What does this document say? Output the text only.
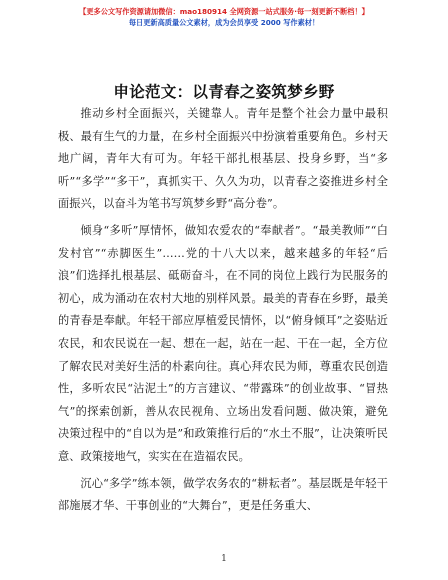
【更多公文写作资源请加微信：mao180914 全网资源一站式服务·每一刻更新不断档！】
每日更新高质量公文素材，成为会员享受 2000 写作素材！
申论范文：以青春之姿筑梦乡野

推动乡村全面振兴，关键靠人。青年是整个社会力量中最积极、最有生气的力量，在乡村全面振兴中扮演着重要角色。乡村天地广阔，青年大有可为。年轻干部扎根基层、投身乡野，当“多听”“多学”“多干”，真抓实干、久久为功，以青春之姿推进乡村全面振兴，以奋斗为笔书写筑梦乡野“高分卷”。

倾身“多听”厚情怀，做知农爱农的“奉献者”。“最美教师”“白发村官”“赤脚医生”……党的十八大以来，越来越多的年轻“后浪”们选择扎根基层、砥砺奋斗，在不同的岗位上践行为民服务的初心，成为涌动在农村大地的别样风景。最美的青春在乡野，最美的青春是奉献。年轻干部应厚植爱民情怀，以“俯身倾耳”之姿贴近农民，和农民说在一起、想在一起，站在一起、干在一起，全方位了解农民对美好生活的朴素向往。真心拜农民为师，尊重农民创造性，多听农民“沾泥土”的方言建议、“带露珠”的创业故事、“冒热气”的探索创新，善从农民视角、立场出发看问题、做决策，避免决策过程中的“自以为是”和政策推行后的“水土不服”，让决策听民意、政策接地气，实实在在造福农民。

沉心“多学”练本领，做学农务农的“耕耘者”。基层既是年轻干部施展才华、干事创业的“大舞台”，更是任务重大、

1
